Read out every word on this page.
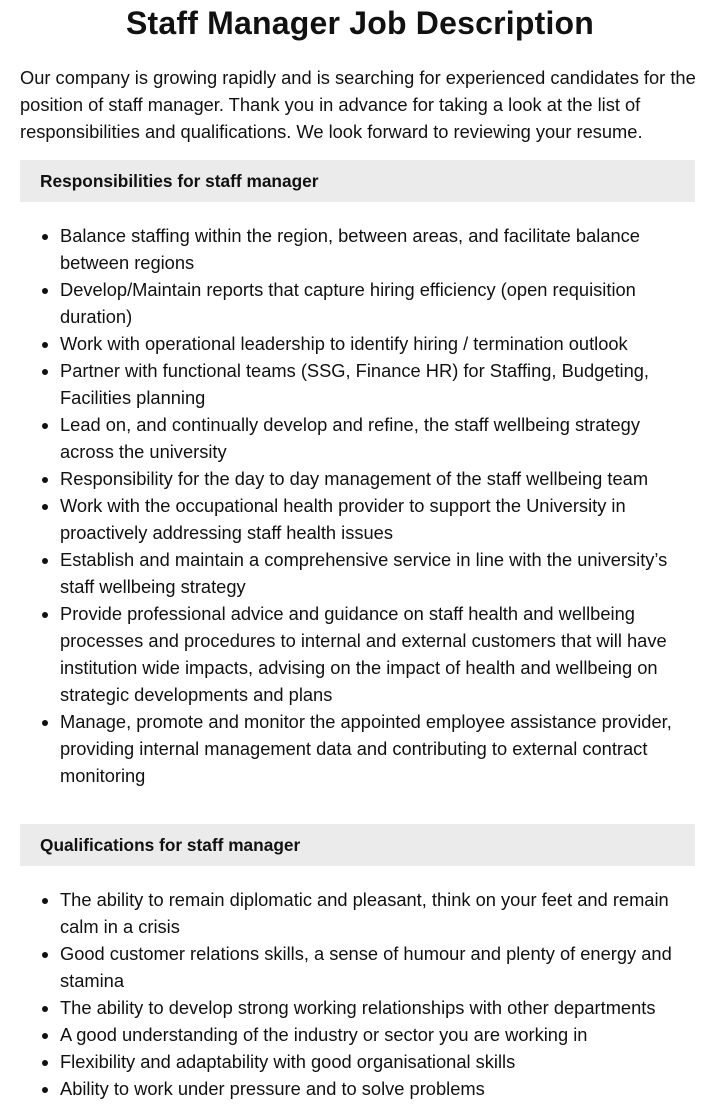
Staff Manager Job Description

Our company is growing rapidly and is searching for experienced candidates for the position of staff manager. Thank you in advance for taking a look at the list of responsibilities and qualifications. We look forward to reviewing your resume.

Responsibilities for staff manager
• Balance staffing within the region, between areas, and facilitate balance between regions
• Develop/Maintain reports that capture hiring efficiency (open requisition duration)
• Work with operational leadership to identify hiring / termination outlook
• Partner with functional teams (SSG, Finance HR) for Staffing, Budgeting, Facilities planning
• Lead on, and continually develop and refine, the staff wellbeing strategy across the university
• Responsibility for the day to day management of the staff wellbeing team
• Work with the occupational health provider to support the University in proactively addressing staff health issues
• Establish and maintain a comprehensive service in line with the university’s staff wellbeing strategy
• Provide professional advice and guidance on staff health and wellbeing processes and procedures to internal and external customers that will have institution wide impacts, advising on the impact of health and wellbeing on strategic developments and plans
• Manage, promote and monitor the appointed employee assistance provider, providing internal management data and contributing to external contract monitoring
Qualifications for staff manager
• The ability to remain diplomatic and pleasant, think on your feet and remain calm in a crisis
• Good customer relations skills, a sense of humour and plenty of energy and stamina
• The ability to develop strong working relationships with other departments
• A good understanding of the industry or sector you are working in
• Flexibility and adaptability with good organisational skills
• Ability to work under pressure and to solve problems
